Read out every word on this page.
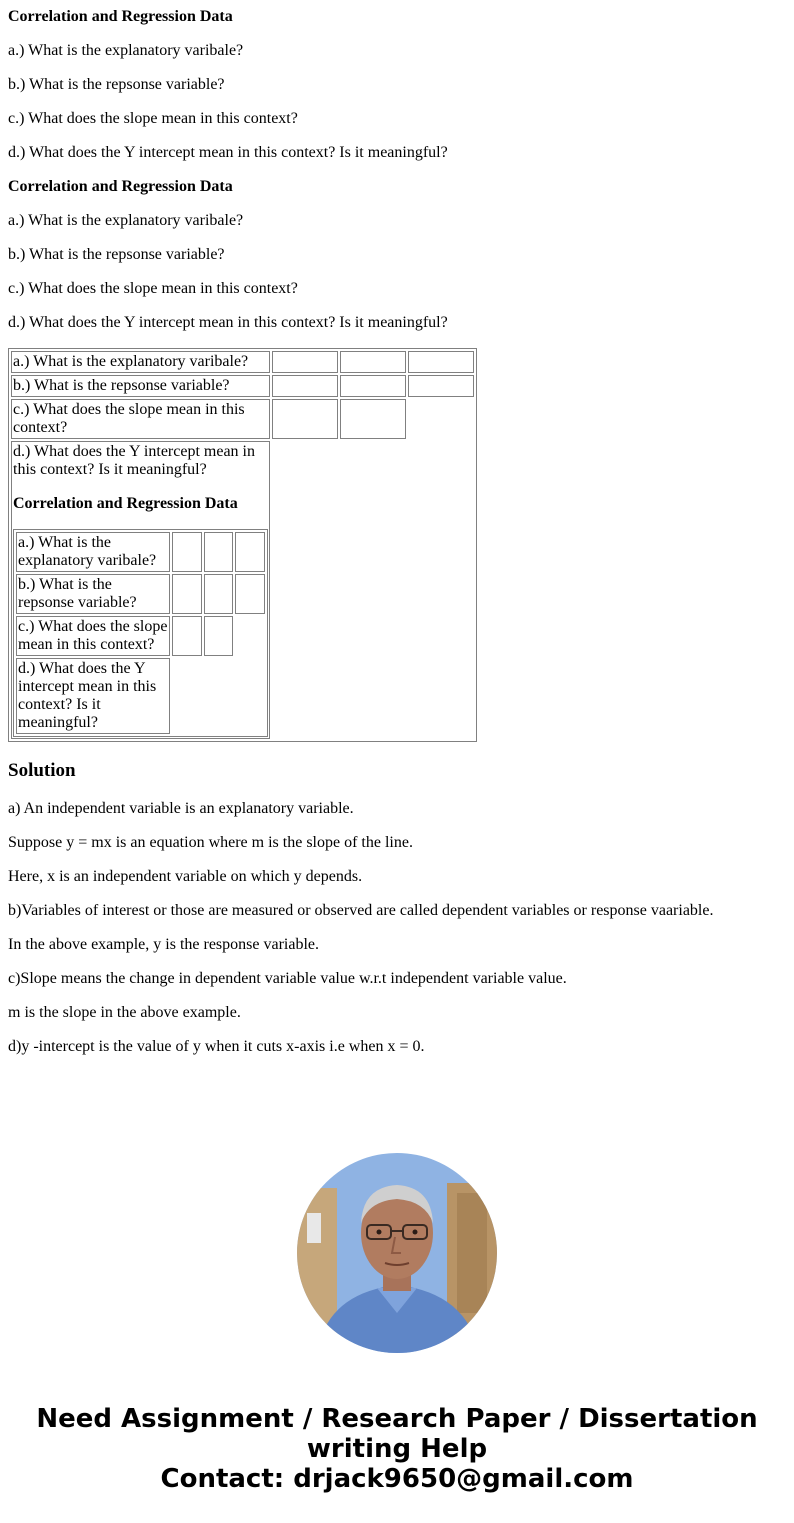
Correlation and Regression Data

a.) What is the explanatory varibale?

b.) What is the repsonse variable?

c.) What does the slope mean in this context?

d.) What does the Y intercept mean in this context? Is it meaningful?

Correlation and Regression Data

a.) What is the explanatory varibale?

b.) What is the repsonse variable?

c.) What does the slope mean in this context?

d.) What does the Y intercept mean in this context? Is it meaningful?

a.) What is the explanatory varibale?			
b.) What is the repsonse variable?			
c.) What does the slope mean in this context?			

d.) What does the Y intercept mean in this context? Is it meaningful?
Correlation and Regression Data
a.) What is the explanatory varibale?			
b.) What is the repsonse variable?			
c.) What does the slope mean in this context?			
d.) What does the Y intercept mean in this context? Is it meaningful?			

Solution

a) An independent variable is an explanatory variable.

Suppose y = mx is an equation where m is the slope of the line.

Here, x is an independent variable on which y depends.

b)Variables of interest or those are measured or observed are called dependent variables or response vaariable.

In the above example, y is the response variable.

c)Slope means the change in dependent variable value w.r.t independent variable value.

m is the slope in the above example.

d)y -intercept is the value of y when it cuts x-axis i.e when x = 0.

Need Assignment / Research Paper / Dissertation
writing Help
Contact: drjack9650@gmail.com
